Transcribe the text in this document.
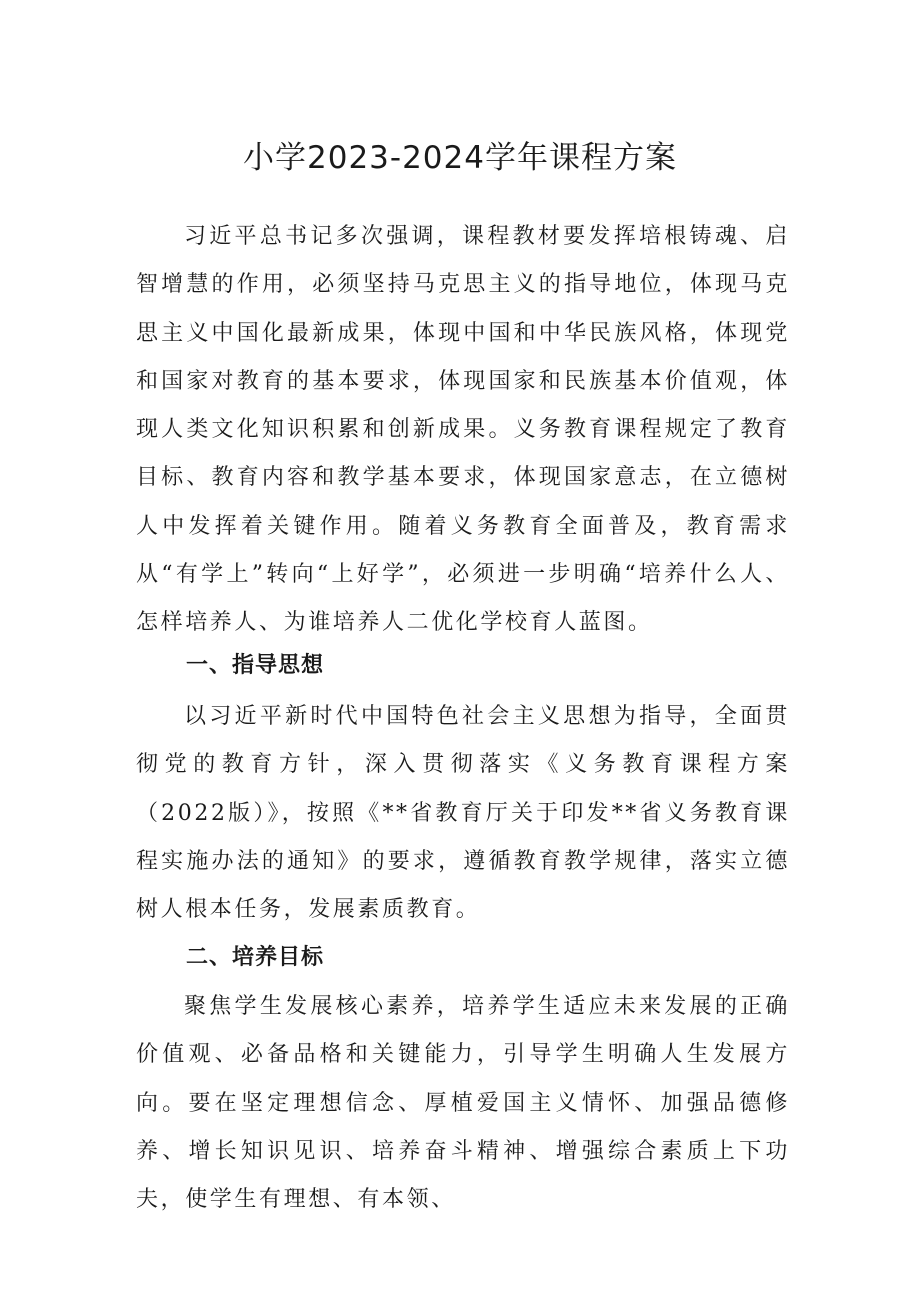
小学2023-2024学年课程方案

习近平总书记多次强调，课程教材要发挥培根铸魂、启智增慧的作用，必须坚持马克思主义的指导地位，体现马克思主义中国化最新成果，体现中国和中华民族风格，体现党和国家对教育的基本要求，体现国家和民族基本价值观，体现人类文化知识积累和创新成果。义务教育课程规定了教育目标、教育内容和教学基本要求，体现国家意志，在立德树人中发挥着关键作用。随着义务教育全面普及，教育需求从“有学上”转向“上好学”，必须进一步明确“培养什么人、怎样培养人、为谁培养人二优化学校育人蓝图。

一、指导思想

以习近平新时代中国特色社会主义思想为指导，全面贯彻党的教育方针，深入贯彻落实《义务教育课程方案（2022版）》，按照《**省教育厅关于印发**省义务教育课程实施办法的通知》的要求，遵循教育教学规律，落实立德树人根本任务，发展素质教育。

二、培养目标

聚焦学生发展核心素养，培养学生适应未来发展的正确价值观、必备品格和关键能力，引导学生明确人生发展方向。要在坚定理想信念、厚植爱国主义情怀、加强品德修养、增长知识见识、培养奋斗精神、增强综合素质上下功夫，使学生有理想、有本领、
